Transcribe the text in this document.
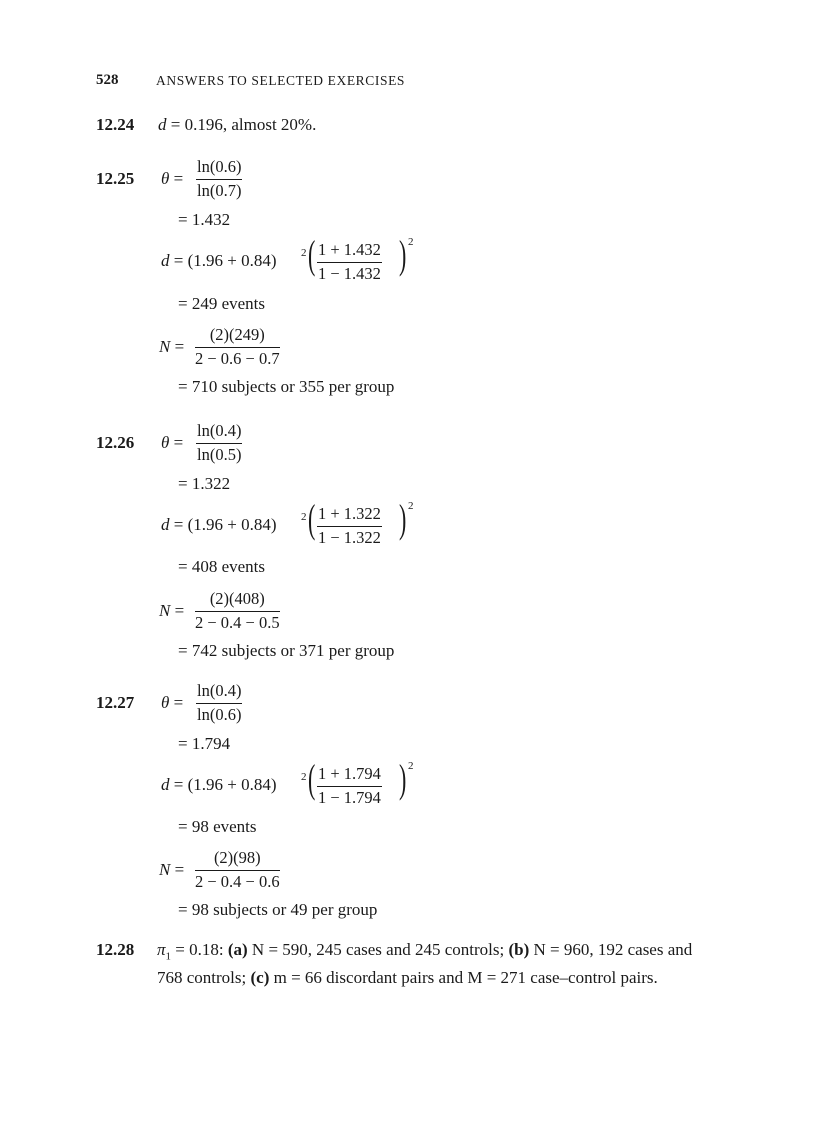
528	ANSWERS TO SELECTED EXERCISES
12.24 d = 0.196, almost 20%.
12.25 $\theta = \frac{\ln(0.6)}{\ln(0.7)}$
= 1.432
d = (1.96 + 0.84) 2 ( $\frac{1 + 1.432}{1 - 1.432}$ ) 2
= 249 events
$N = \frac{(2)(249)}{2 - 0.6 - 0.7}$
= 710 subjects or 355 per group
12.26 $\theta = \frac{\ln(0.4)}{\ln(0.5)}$
= 1.322
d = (1.96 + 0.84) 2 ( $\frac{1 + 1.322}{1 - 1.322}$ ) 2
= 408 events
$N = \frac{(2)(408)}{2 - 0.4 - 0.5}$
= 742 subjects or 371 per group
12.27 $\theta = \frac{\ln(0.4)}{\ln(0.6)}$
= 1.794
d = (1.96 + 0.84) 2 ( $\frac{1 + 1.794}{1 - 1.794}$ ) 2
= 98 events
$N = \frac{(2)(98)}{2 - 0.4 - 0.6}$
= 98 subjects or 49 per group
12.28 $\pi_1 = 0.18$: (a) N = 590, 245 cases and 245 controls; (b) N = 960, 192 cases and 768 controls; (c) m = 66 discordant pairs and M = 271 case–control pairs.
